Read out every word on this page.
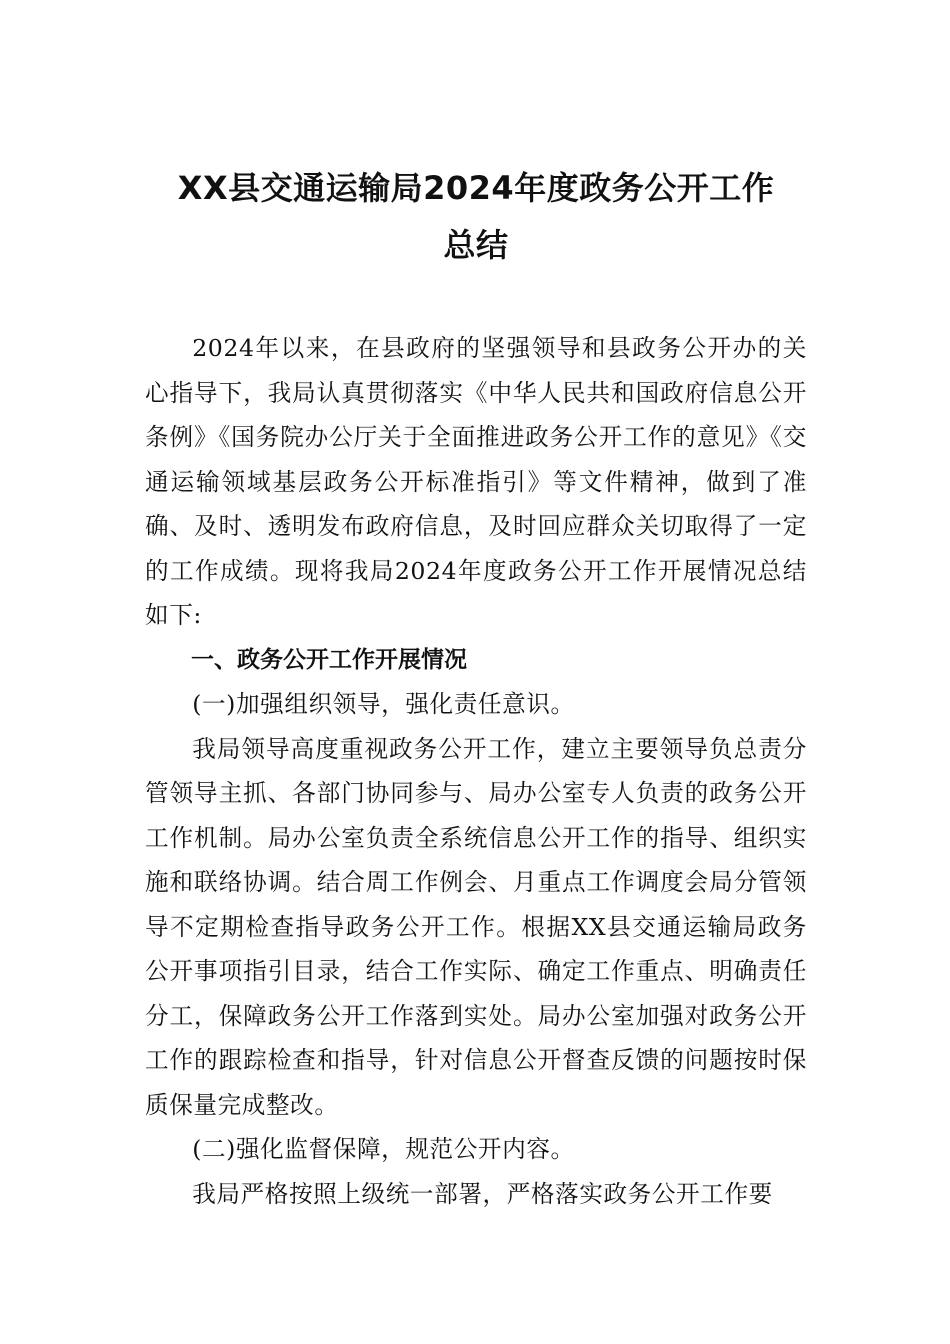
XX县交通运输局2024年度政务公开工作
总结

2024年以来，在县政府的坚强领导和县政务公开办的关心指导下，我局认真贯彻落实《中华人民共和国政府信息公开条例》《国务院办公厅关于全面推进政务公开工作的意见》《交通运输领域基层政务公开标准指引》等文件精神，做到了准确、及时、透明发布政府信息，及时回应群众关切取得了一定的工作成绩。现将我局2024年度政务公开工作开展情况总结如下:

一、政务公开工作开展情况

(一)加强组织领导，强化责任意识。

我局领导高度重视政务公开工作，建立主要领导负总责分管领导主抓、各部门协同参与、局办公室专人负责的政务公开工作机制。局办公室负责全系统信息公开工作的指导、组织实施和联络协调。结合周工作例会、月重点工作调度会局分管领导不定期检查指导政务公开工作。根据XX县交通运输局政务公开事项指引目录，结合工作实际、确定工作重点、明确责任分工，保障政务公开工作落到实处。局办公室加强对政务公开工作的跟踪检查和指导，针对信息公开督查反馈的问题按时保质保量完成整改。

(二)强化监督保障，规范公开内容。

我局严格按照上级统一部署，严格落实政务公开工作要
